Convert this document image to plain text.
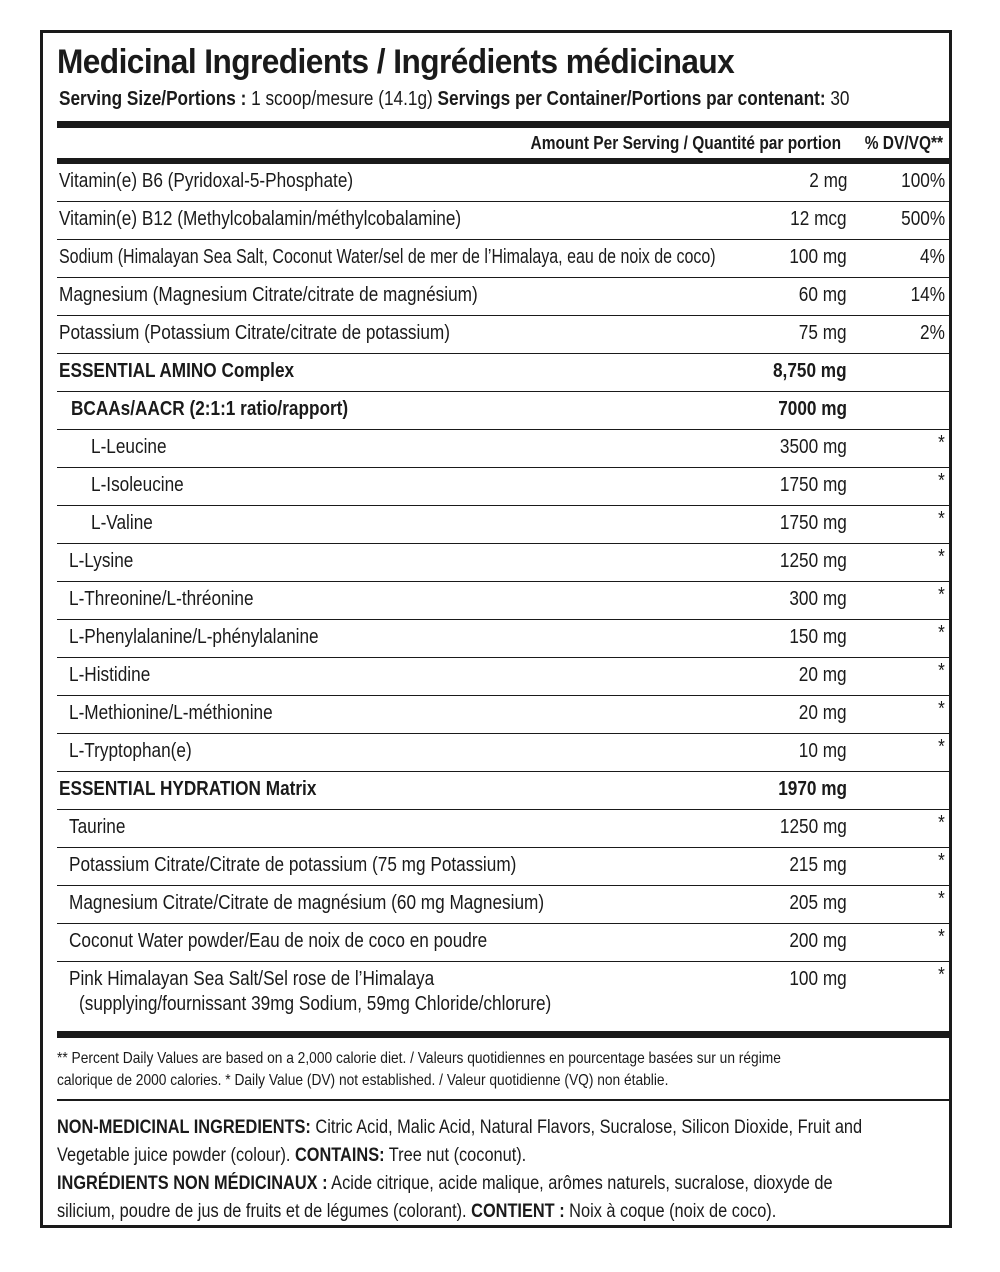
Medicinal Ingredients / Ingrédients médicinaux
Serving Size/Portions : 1 scoop/mesure (14.1g) Servings per Container/Portions par contenant: 30
Amount Per Serving / Quantité par portion % DV/VQ**
Vitamin(e) B6 (Pyridoxal-5-Phosphate)	2 mg	100%
Vitamin(e) B12 (Methylcobalamin/méthylcobalamine)	12 mcg	500%
Sodium (Himalayan Sea Salt, Coconut Water/sel de mer de l’Himalaya, eau de noix de coco)	100 mg	4%
Magnesium (Magnesium Citrate/citrate de magnésium)	60 mg	14%
Potassium (Potassium Citrate/citrate de potassium)	75 mg	2%
ESSENTIAL AMINO Complex	8,750 mg
BCAAs/AACR (2:1:1 ratio/rapport)	7000 mg
L-Leucine	3500 mg	*
L-Isoleucine	1750 mg	*
L-Valine	1750 mg	*
L-Lysine	1250 mg	*
L-Threonine/L-thréonine	300 mg	*
L-Phenylalanine/L-phénylalanine	150 mg	*
L-Histidine	20 mg	*
L-Methionine/L-méthionine	20 mg	*
L-Tryptophan(e)	10 mg	*
ESSENTIAL HYDRATION Matrix	1970 mg
Taurine	1250 mg	*
Potassium Citrate/Citrate de potassium (75 mg Potassium)	215 mg	*
Magnesium Citrate/Citrate de magnésium (60 mg Magnesium)	205 mg	*
Coconut Water powder/Eau de noix de coco en poudre	200 mg	*
Pink Himalayan Sea Salt/Sel rose de l’Himalaya
(supplying/fournissant 39mg Sodium, 59mg Chloride/chlorure)
100 mg	*
** Percent Daily Values are based on a 2,000 calorie diet. / Valeurs quotidiennes en pourcentage basées sur un régime
calorique de 2000 calories. * Daily Value (DV) not established. / Valeur quotidienne (VQ) non établie.
NON-MEDICINAL INGREDIENTS: Citric Acid, Malic Acid, Natural Flavors, Sucralose, Silicon Dioxide, Fruit and
Vegetable juice powder (colour). CONTAINS: Tree nut (coconut).
INGRÉDIENTS NON MÉDICINAUX : Acide citrique, acide malique, arômes naturels, sucralose, dioxyde de
silicium, poudre de jus de fruits et de légumes (colorant). CONTIENT : Noix à coque (noix de coco).
